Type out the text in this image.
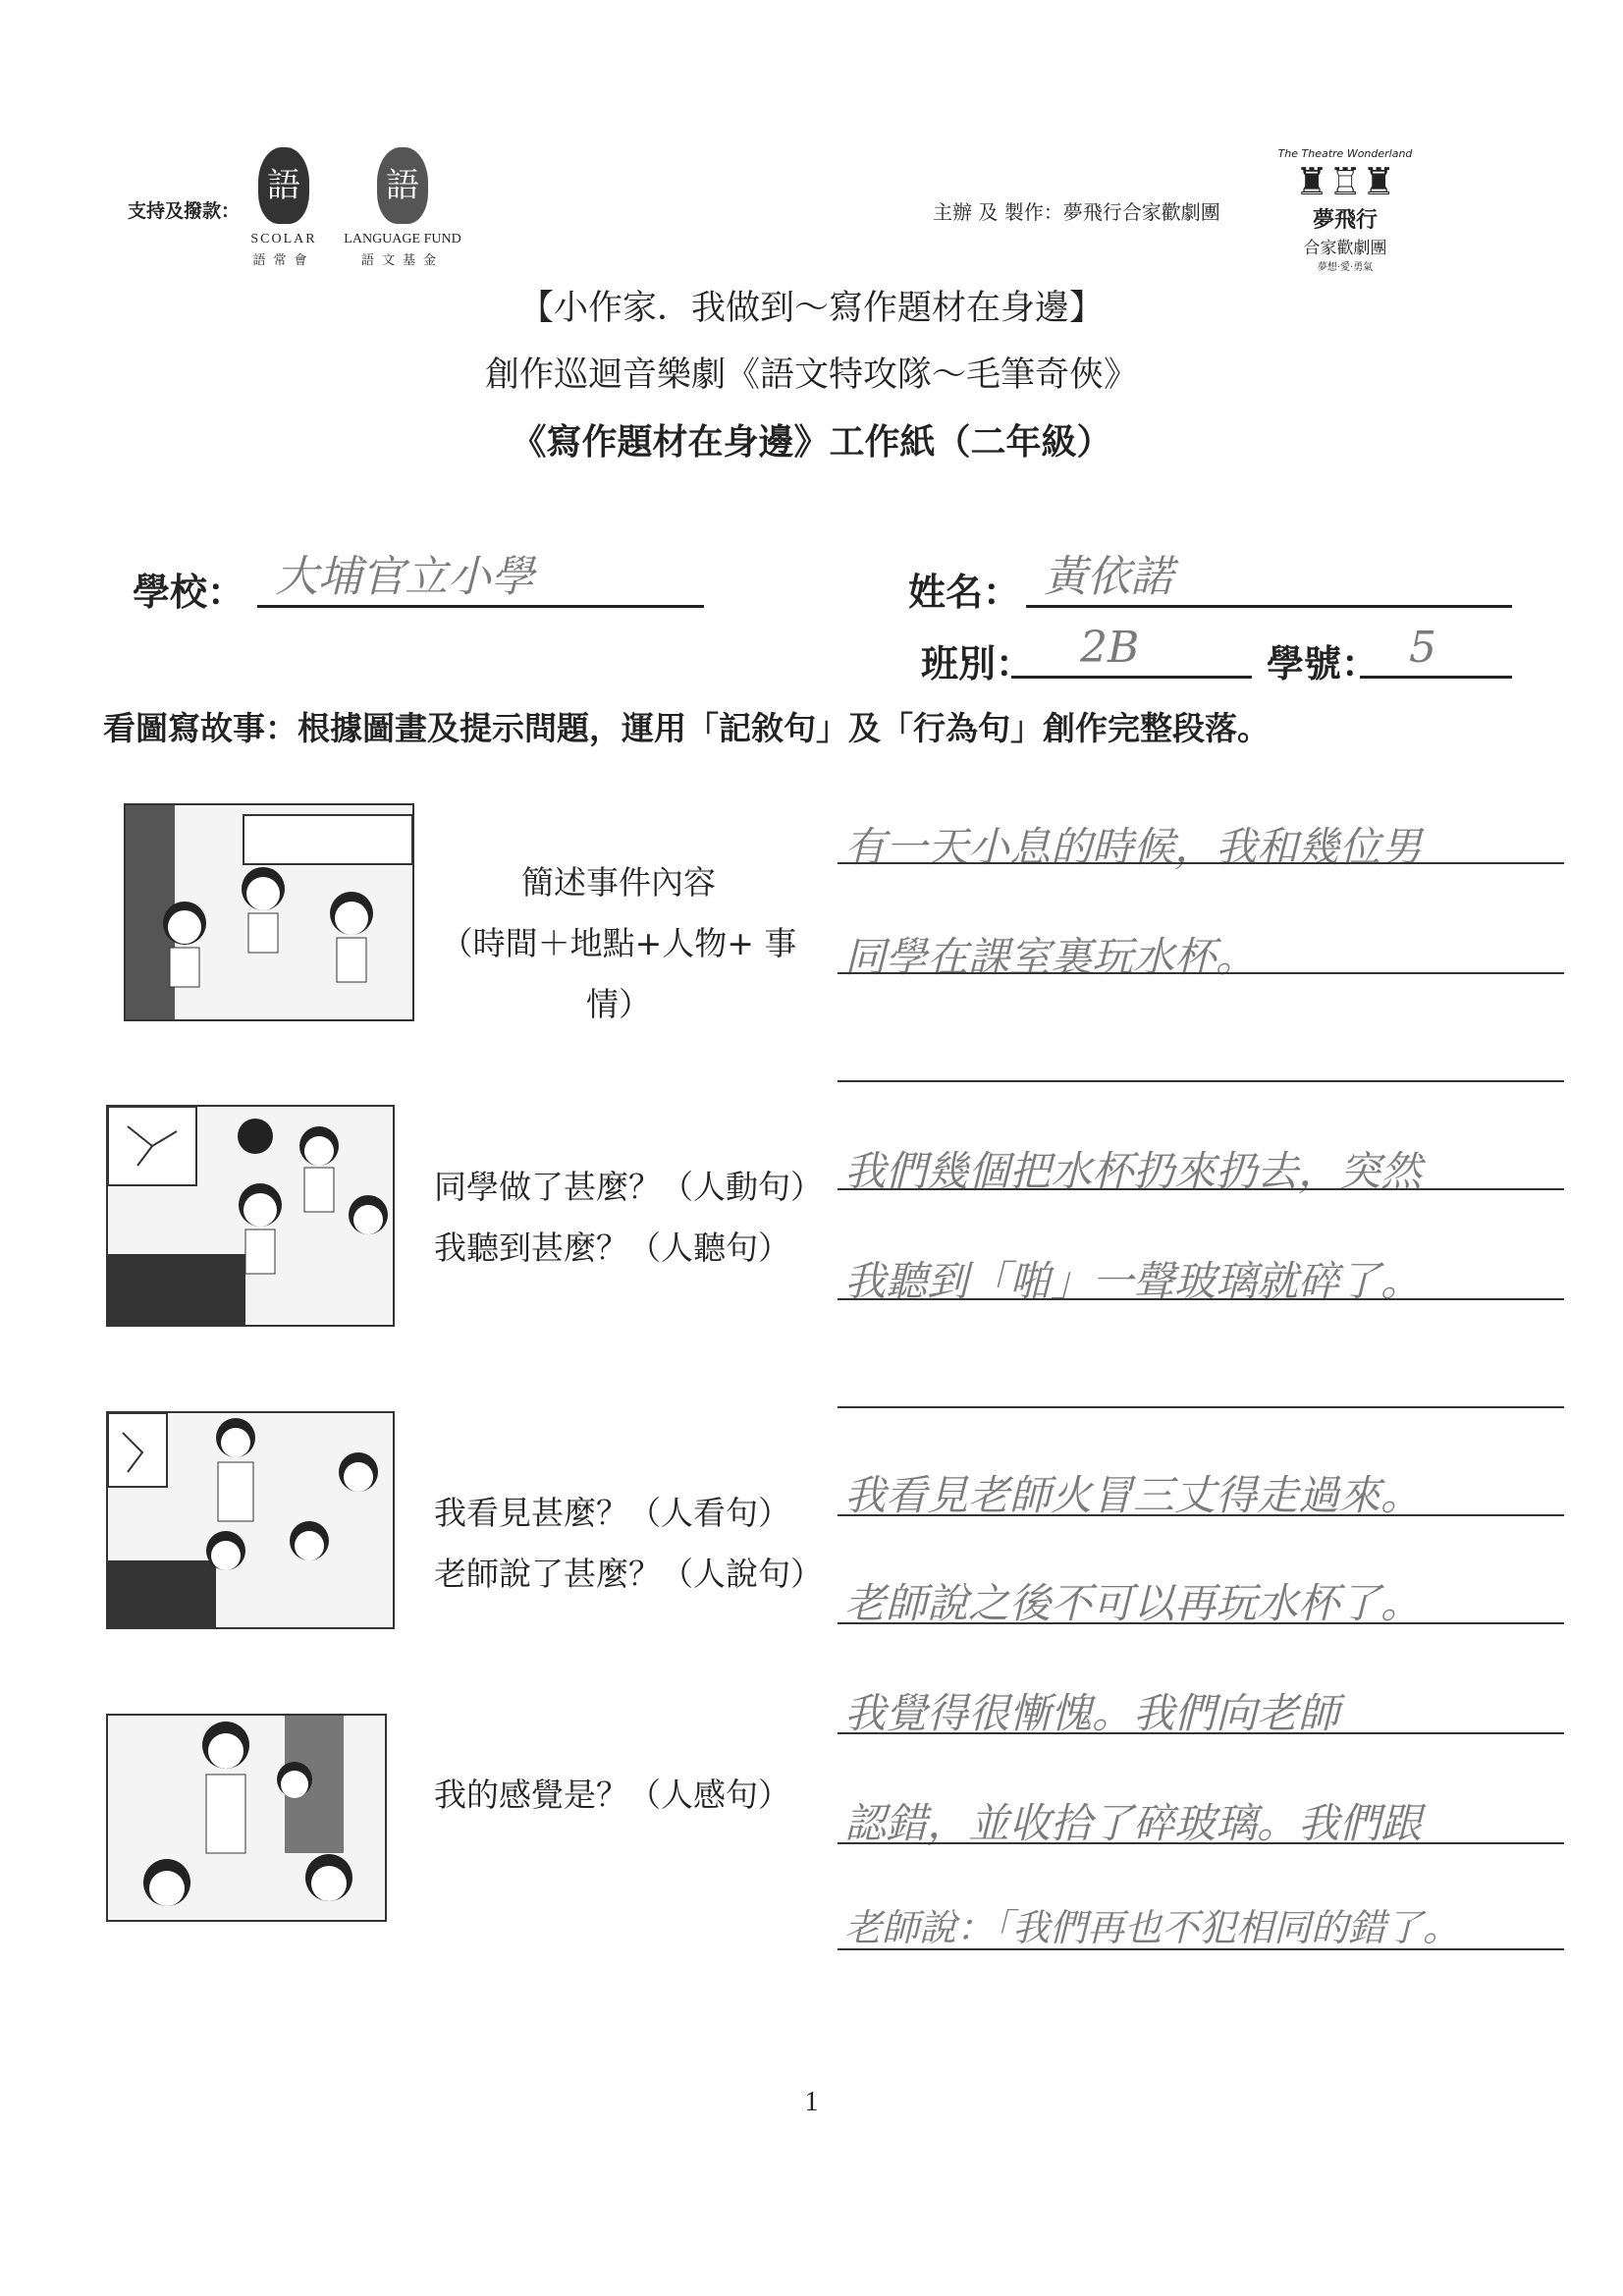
支持及撥款：
語
SCOLAR
語常會
語
LANGUAGE FUND
語文基金
主辦 及 製作：夢飛行合家歡劇團
The Theatre Wonderland
♜♖♜
夢飛行
合家歡劇團
夢想·愛·勇氣
【小作家．我做到～寫作題材在身邊】
創作巡迴音樂劇《語文特攻隊～毛筆奇俠》
《寫作題材在身邊》工作紙（二年級）
學校： 大埔官立小學	姓名： 黃依諾
班別：	2B	學號： 5
看圖寫故事：根據圖畫及提示問題，運用「記敘句」及「行為句」創作完整段落。
簡述事件內容
（時間＋地點+人物+ 事情）
有一天小息的時候，我和幾位男
同學在課室裏玩水杯。
同學做了甚麼？（人動句）
我聽到甚麼？（人聽句）
我們幾個把水杯扔來扔去，突然
我聽到「啪」一聲玻璃就碎了。
我看見甚麼？（人看句）
老師說了甚麼？（人說句）
我看見老師火冒三丈得走過來。
老師說之後不可以再玩水杯了。
我的感覺是？（人感句）
我覺得很慚愧。我們向老師
認錯，並收拾了碎玻璃。我們跟
老師說：「我們再也不犯相同的錯了。
1
